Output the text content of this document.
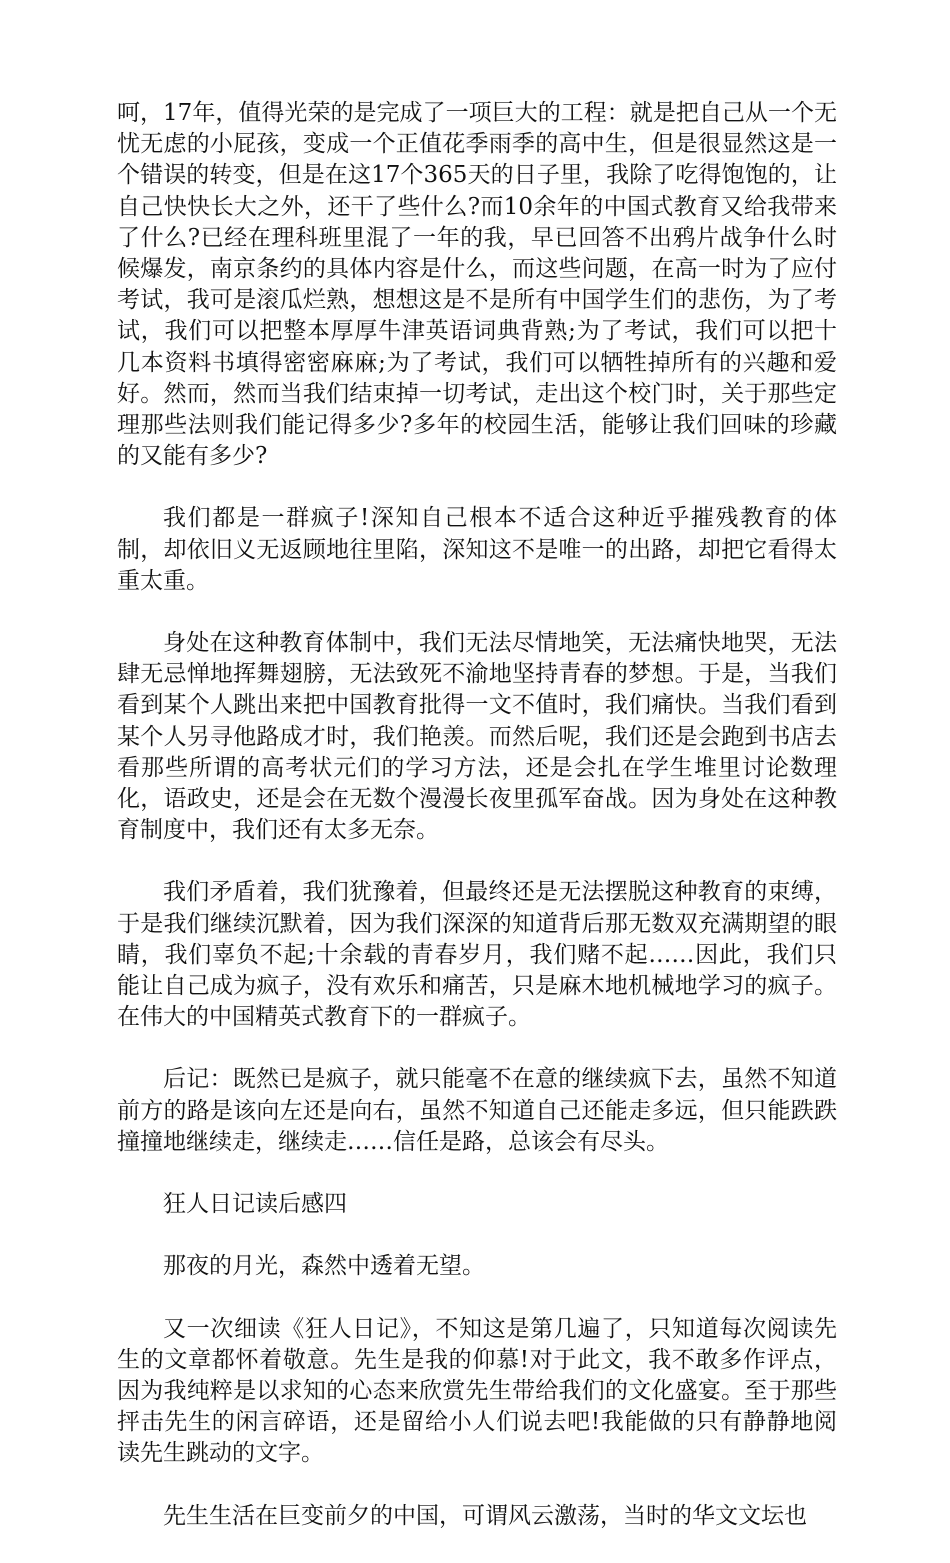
呵，17年，值得光荣的是完成了一项巨大的工程：就是把自己从一个无忧无虑的小屁孩，变成一个正值花季雨季的高中生，但是很显然这是一个错误的转变，但是在这17个365天的日子里，我除了吃得饱饱的，让自己快快长大之外，还干了些什么?而10余年的中国式教育又给我带来了什么?已经在理科班里混了一年的我，早已回答不出鸦片战争什么时候爆发，南京条约的具体内容是什么，而这些问题，在高一时为了应付考试，我可是滚瓜烂熟，想想这是不是所有中国学生们的悲伤，为了考试，我们可以把整本厚厚牛津英语词典背熟;为了考试，我们可以把十几本资料书填得密密麻麻;为了考试，我们可以牺牲掉所有的兴趣和爱好。然而，然而当我们结束掉一切考试，走出这个校门时，关于那些定理那些法则我们能记得多少?多年的校园生活，能够让我们回味的珍藏的又能有多少?

我们都是一群疯子!深知自己根本不适合这种近乎摧残教育的体制，却依旧义无返顾地往里陷，深知这不是唯一的出路，却把它看得太重太重。

身处在这种教育体制中，我们无法尽情地笑，无法痛快地哭，无法肆无忌惮地挥舞翅膀，无法致死不渝地坚持青春的梦想。于是，当我们看到某个人跳出来把中国教育批得一文不值时，我们痛快。当我们看到某个人另寻他路成才时，我们艳羡。而然后呢，我们还是会跑到书店去看那些所谓的高考状元们的学习方法，还是会扎在学生堆里讨论数理化，语政史，还是会在无数个漫漫长夜里孤军奋战。因为身处在这种教育制度中，我们还有太多无奈。

我们矛盾着，我们犹豫着，但最终还是无法摆脱这种教育的束缚，于是我们继续沉默着，因为我们深深的知道背后那无数双充满期望的眼睛，我们辜负不起;十余载的青春岁月，我们赌不起……因此，我们只能让自己成为疯子，没有欢乐和痛苦，只是麻木地机械地学习的疯子。在伟大的中国精英式教育下的一群疯子。

后记：既然已是疯子，就只能毫不在意的继续疯下去，虽然不知道前方的路是该向左还是向右，虽然不知道自己还能走多远，但只能跌跌撞撞地继续走，继续走……信任是路，总该会有尽头。

狂人日记读后感四

那夜的月光，森然中透着无望。

又一次细读《狂人日记》，不知这是第几遍了，只知道每次阅读先生的文章都怀着敬意。先生是我的仰慕!对于此文，我不敢多作评点，因为我纯粹是以求知的心态来欣赏先生带给我们的文化盛宴。至于那些抨击先生的闲言碎语，还是留给小人们说去吧!我能做的只有静静地阅读先生跳动的文字。

先生生活在巨变前夕的中国，可谓风云激荡，当时的华文文坛也
